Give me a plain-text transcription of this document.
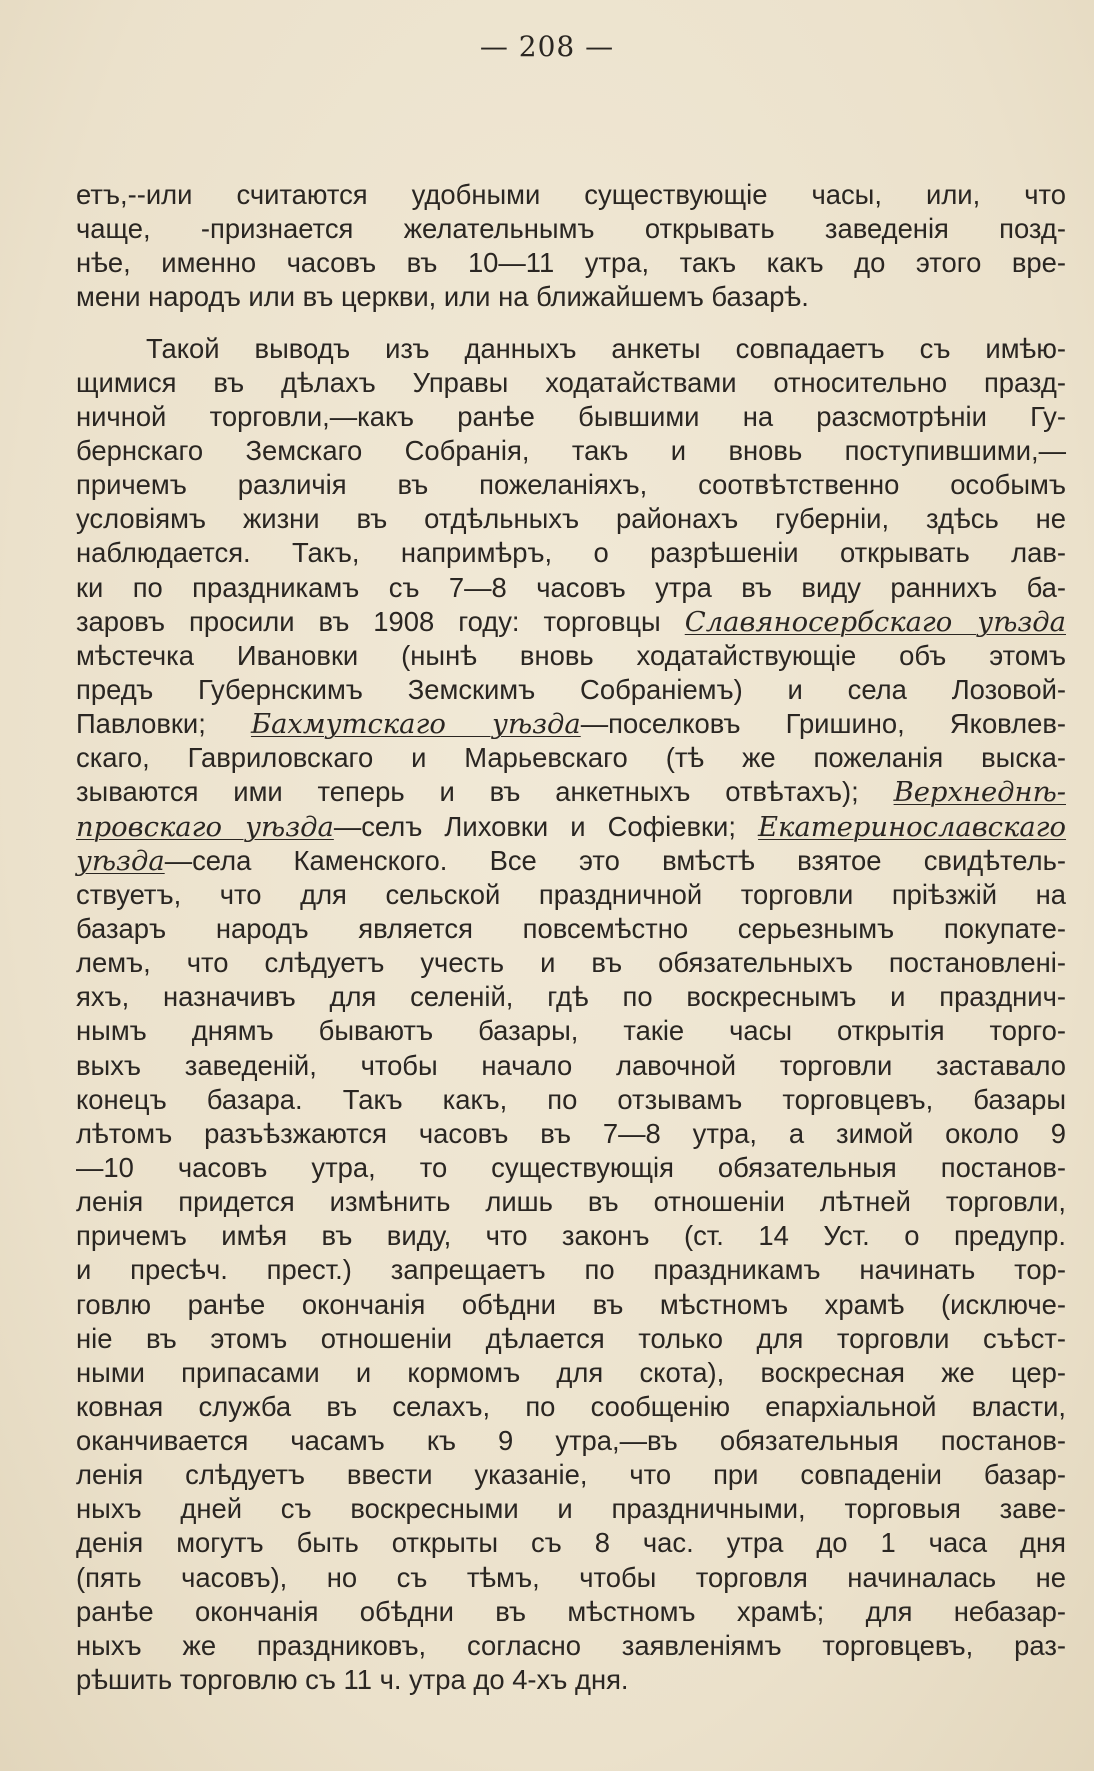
— 208 —
етъ,--или считаются удобными существующіе часы, или, что
чаще, -признается желательнымъ открывать заведенія позд-
нѣе, именно часовъ въ 10—11 утра, такъ какъ до этого вре-
мени народъ или въ церкви, или на ближайшемъ базарѣ.
Такой выводъ изъ данныхъ анкеты совпадаетъ съ имѣю-
щимися въ дѣлахъ Управы ходатайствами относительно празд-
ничной торговли,—какъ ранѣе бывшими на разсмотрѣніи Гу-
бернскаго Земскаго Собранія, такъ и вновь поступившими,—
причемъ различія въ пожеланіяхъ, соотвѣтственно особымъ
условіямъ жизни въ отдѣльныхъ районахъ губерніи, здѣсь не
наблюдается. Такъ, напримѣръ, о разрѣшеніи открывать лав-
ки по праздникамъ съ 7—8 часовъ утра въ виду раннихъ ба-
заровъ просили въ 1908 году: торговцы Славяносербскаго уѣзда
мѣстечка Ивановки (нынѣ вновь ходатайствующіе объ этомъ
предъ Губернскимъ Земскимъ Собраніемъ) и села Лозовой-
Павловки; Бахмутскаго уѣзда—поселковъ Гришино, Яковлев-
скаго, Гавриловскаго и Марьевскаго (тѣ же пожеланія выска-
зываются ими теперь и въ анкетныхъ отвѣтахъ); Верхнеднѣ-
провскаго уѣзда—селъ Лиховки и Софіевки; Екатеринославскаго
уѣзда—села Каменского. Все это вмѣстѣ взятое свидѣтель-
ствуетъ, что для сельской праздничной торговли пріѣзжій на
базаръ народъ является повсемѣстно серьезнымъ покупате-
лемъ, что слѣдуетъ учесть и въ обязательныхъ постановлені-
яхъ, назначивъ для селеній, гдѣ по воскреснымъ и празднич-
нымъ днямъ бываютъ базары, такіе часы открытія торго-
выхъ заведеній, чтобы начало лавочной торговли заставало
конецъ базара. Такъ какъ, по отзывамъ торговцевъ, базары
лѣтомъ разъѣзжаются часовъ въ 7—8 утра, а зимой около 9
—10 часовъ утра, то существующія обязательныя постанов-
ленія придется измѣнить лишь въ отношеніи лѣтней торговли,
причемъ имѣя въ виду, что законъ (ст. 14 Уст. о предупр.
и пресѣч. прест.) запрещаетъ по праздникамъ начинать тор-
говлю ранѣе окончанія обѣдни въ мѣстномъ храмѣ (исключе-
ніе въ этомъ отношеніи дѣлается только для торговли съѣст-
ными припасами и кормомъ для скота), воскресная же цер-
ковная служба въ селахъ, по сообщенію епархіальной власти,
оканчивается часамъ къ 9 утра,—въ обязательныя постанов-
ленія слѣдуетъ ввести указаніе, что при совпаденіи базар-
ныхъ дней съ воскресными и праздничными, торговыя заве-
денія могутъ быть открыты съ 8 час. утра до 1 часа дня
(пять часовъ), но съ тѣмъ, чтобы торговля начиналась не
ранѣе окончанія обѣдни въ мѣстномъ храмѣ; для небазар-
ныхъ же праздниковъ, согласно заявленіямъ торговцевъ, раз-
рѣшить торговлю съ 11 ч. утра до 4-хъ дня.
